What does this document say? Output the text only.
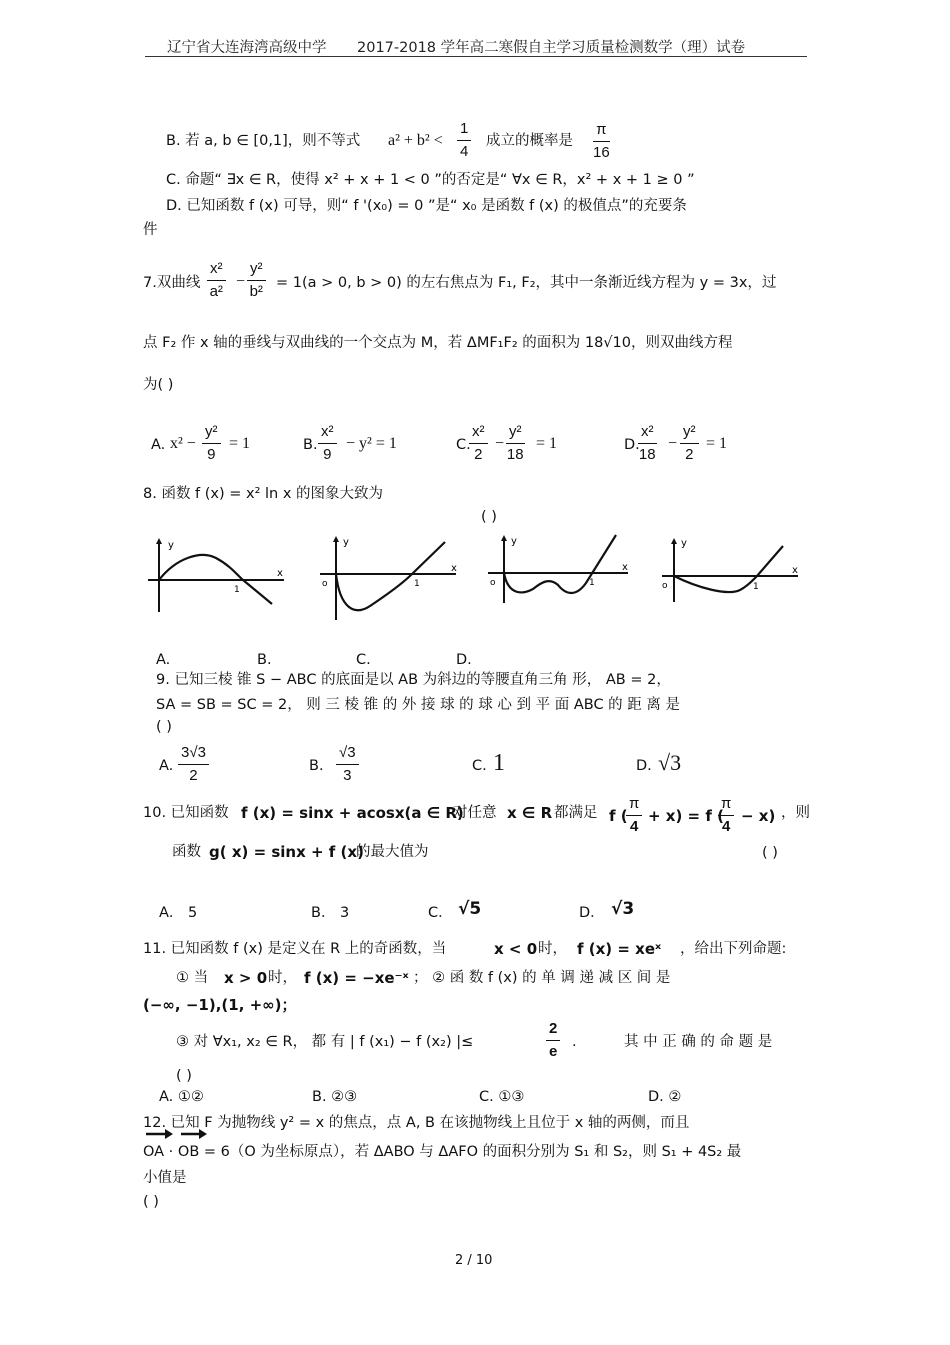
辽宁省大连海湾高级中学 2017-2018 学年高二寒假自主学习质量检测数学（理）试卷
B. 若 a, b ∈ [0,1]，则不等式 $a^2 + b^2 < \frac{1}{4}$ 成立的概率是 $\frac{\pi}{16}$
C. 命题“ ∃x ∈ R，使得 x² + x + 1 < 0 ”的否定是“ ∀x ∈ R，x² + x + 1 ≥ 0 ”
D. 已知函数 f (x) 可导，则“ f '(x₀) = 0 ”是“ x₀ 是函数 f (x) 的极值点”的充要条
件
7.双曲线 $\frac{\text{x²}}{\text{a²}} - \frac{\text{y²}}{\text{b²}} = 1(a > 0$, b > 0) 的左右焦点为 F₁, F₂，其中一条渐近线方程为 y = 3x，过
点 F₂ 作 x 轴的垂线与双曲线的一个交点为 M，若 ΔMF₁F₂ 的面积为 18√10，则双曲线方程
为( )
A. $x^2 - \frac{\text{y²}}{9} = 1$	B. $\frac{\text{x²}}{9} - y^2 = 1$	C.
$\frac{\text{x²}}{2} - \frac{\text{y²}}{18} = 1$	D.
$\frac{\text{x²}}{18} - \frac{\text{y²}}{2} = 1$
8. 函数 f (x) = x² ln x 的图象大致为
( )
y
x
1
y
x
o	1
y
x
o	1
y
x
o	1
A.	B.	C.	D.
9. 已知三棱 锥 S − ABC 的底面是以 AB 为斜边的等腰直角三角 形， AB = 2，
SA = SB = SC = 2， 则 三 棱 锥 的 外 接 球 的 球 心 到 平 面 ABC 的 距 离 是
( )
A. $\frac{3√3}{2}$	B. $\frac{√3}{3}$	C. 1	D. √3
10. 已知函数 f (x) = sinx + acosx(a ∈ R)
对任意 x ∈ R 都满足 f (
$\frac{\pi}{4} + x) = f$ (
$\frac{\pi}{4} - x$) ，则
函数 g( x) = sinx + f (x)
的最大值为	( )
A． 5	B． 3	C． √5	D． √3
11. 已知函数 f (x) 是定义在 R 上的奇函数，当	x < 0 时， f (x) = xeˣ ，给出下列命题:
① 当 x > 0 时， f (x) = −xe⁻ˣ ； ② 函 数 f (x) 的 单 调 递 减 区 间 是
(−∞, −1),(1, +∞)；
③ 对 ∀x₁, x₂ ∈ R， 都 有 | f (x₁) − f (x₂) |≤	$\frac{2}{e}$ .	其 中 正 确 的 命 题 是
( )
A. ①②	B. ②③	C. ①③	D. ②
12. 已知 F 为抛物线 y² = x 的焦点，点 A, B 在该抛物线上且位于 x 轴的两侧，而且
OA · OB = 6（O 为坐标原点），若 ΔABO 与 ΔAFO 的面积分别为 S₁ 和 S₂，则 S₁ + 4S₂ 最
小值是
( )
2 / 10
